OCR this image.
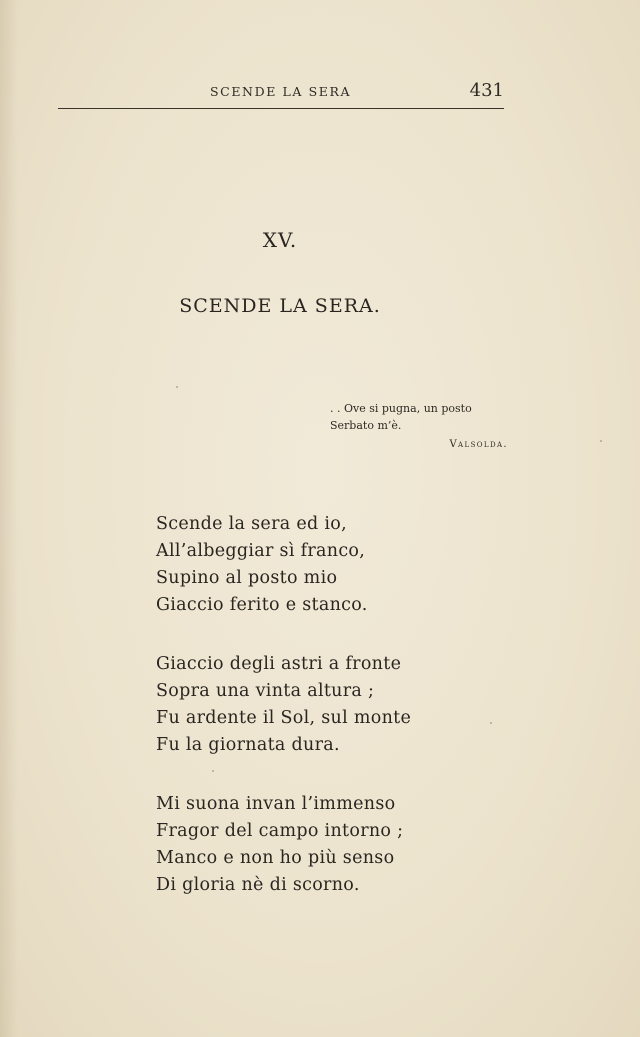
SCENDE LA SERA	431
XV.
SCENDE LA SERA.
. . Ove si pugna, un posto
Serbato m’è.
Valsolda.
Scende la sera ed io,
All’albeggiar sì franco,
Supino al posto mio
Giaccio ferito e stanco.
Giaccio degli astri a fronte
Sopra una vinta altura ;
Fu ardente il Sol, sul monte
Fu la giornata dura.
Mi suona invan l’immenso
Fragor del campo intorno ;
Manco e non ho più senso
Di gloria nè di scorno.
